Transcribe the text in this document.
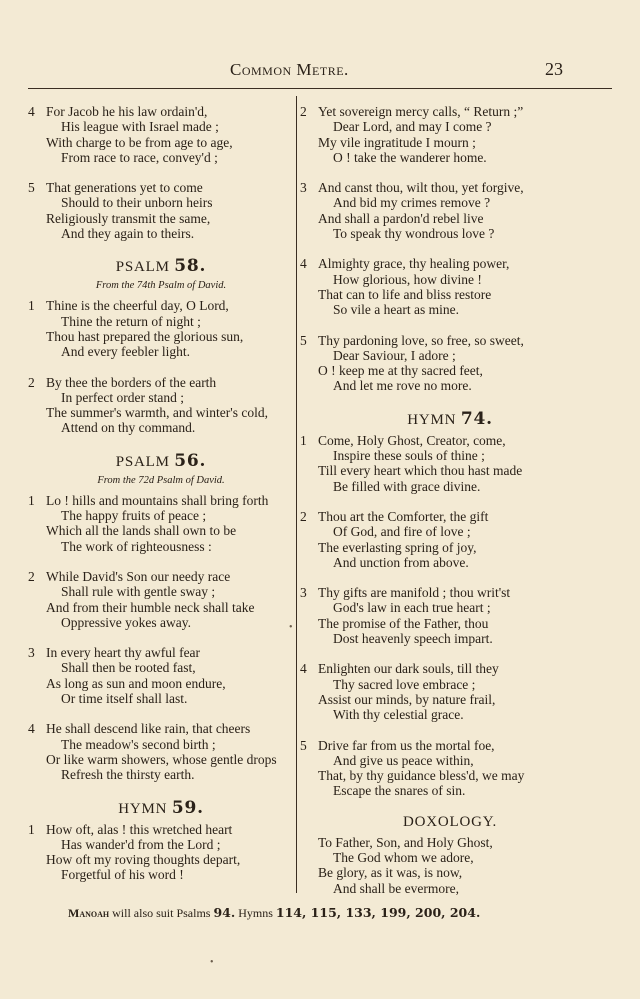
Common Metre.	23
4 For Jacob he his law ordain'd,
His league with Israel made ;
With charge to be from age to age,
From race to race, convey'd ;
5 That generations yet to come
Should to their unborn heirs
Religiously transmit the same,
And they again to theirs.
PSALM 58.
From the 74th Psalm of David.
1 Thine is the cheerful day, O Lord,
Thine the return of night ;
Thou hast prepared the glorious sun,
And every feebler light.
2 By thee the borders of the earth
In perfect order stand ;
The summer's warmth, and winter's cold,
Attend on thy command.
PSALM 56.
From the 72d Psalm of David.
1 Lo ! hills and mountains shall bring forth
The happy fruits of peace ;
Which all the lands shall own to be
The work of righteousness :
2 While David's Son our needy race
Shall rule with gentle sway ;
And from their humble neck shall take
Oppressive yokes away.
3 In every heart thy awful fear
Shall then be rooted fast,
As long as sun and moon endure,
Or time itself shall last.
4 He shall descend like rain, that cheers
The meadow's second birth ;
Or like warm showers, whose gentle drops
Refresh the thirsty earth.
HYMN 59.
1 How oft, alas ! this wretched heart
Has wander'd from the Lord ;
How oft my roving thoughts depart,
Forgetful of his word !
2 Yet sovereign mercy calls, “ Return ;”
Dear Lord, and may I come ?
My vile ingratitude I mourn ;
O ! take the wanderer home.
3 And canst thou, wilt thou, yet forgive,
And bid my crimes remove ?
And shall a pardon'd rebel live
To speak thy wondrous love ?
4 Almighty grace, thy healing power,
How glorious, how divine !
That can to life and bliss restore
So vile a heart as mine.
5 Thy pardoning love, so free, so sweet,
Dear Saviour, I adore ;
O ! keep me at thy sacred feet,
And let me rove no more.
HYMN 74.
1 Come, Holy Ghost, Creator, come,
Inspire these souls of thine ;
Till every heart which thou hast made
Be filled with grace divine.
2 Thou art the Comforter, the gift
Of God, and fire of love ;
The everlasting spring of joy,
And unction from above.
3 Thy gifts are manifold ; thou writ'st
God's law in each true heart ;
The promise of the Father, thou
Dost heavenly speech impart.
4 Enlighten our dark souls, till they
Thy sacred love embrace ;
Assist our minds, by nature frail,
With thy celestial grace.
5 Drive far from us the mortal foe,
And give us peace within,
That, by thy guidance bless'd, we may
Escape the snares of sin.
DOXOLOGY.
To Father, Son, and Holy Ghost,
The God whom we adore,
Be glory, as it was, is now,
And shall be evermore,
Manoah will also suit Psalms 94. Hymns 114, 115, 133, 199, 200, 204.
•
•
